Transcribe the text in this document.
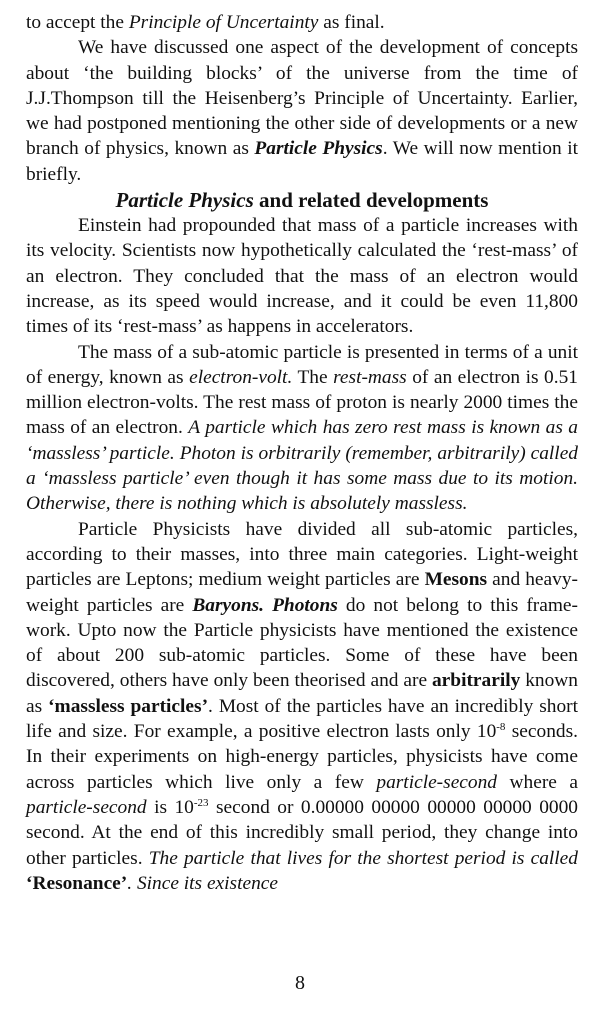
to accept the Principle of Uncertainty as final.

We have discussed one aspect of the development of concepts about ‘the building blocks’ of the universe from the time of J.J.Thompson till the Heisenberg’s Principle of Uncertainty. Earlier, we had postponed mentioning the other side of developments or a new branch of physics, known as Particle Physics. We will now mention it briefly.

Particle Physics and related developments

Einstein had propounded that mass of a particle increases with its velocity. Scientists now hypothetically calculated the ‘rest-mass’ of an electron. They concluded that the mass of an electron would increase, as its speed would increase, and it could be even 11,800 times of its ‘rest-mass’ as happens in accelerators.

The mass of a sub-atomic particle is presented in terms of a unit of energy, known as electron-volt. The rest-mass of an electron is 0.51 million electron-volts. The rest mass of proton is nearly 2000 times the mass of an electron. A particle which has zero rest mass is known as a ‘massless’ particle. Photon is orbitrarily (remember, arbitrarily) called a ‘massless particle’ even though it has some mass due to its motion. Otherwise, there is nothing which is absolutely massless.

Particle Physicists have divided all sub-atomic particles, according to their masses, into three main categories. Light-weight particles are Leptons; medium weight particles are Mesons and heavy-weight particles are Baryons. Photons do not belong to this frame-work. Upto now the Particle physicists have mentioned the existence of about 200 sub-atomic particles. Some of these have been discovered, others have only been theorised and are arbitrarily known as ‘massless particles’. Most of the particles have an incredibly short life and size. For example, a positive electron lasts only $10^{-8}$ seconds. In their experiments on high-energy particles, physicists have come across particles which live only a few particle-second where a particle-second is $10^{-23}$ second or 0.00000 00000 00000 00000 0000 second. At the end of this incredibly small period, they change into other particles. The particle that lives for the shortest period is called ‘Resonance’. Since its existence

8
